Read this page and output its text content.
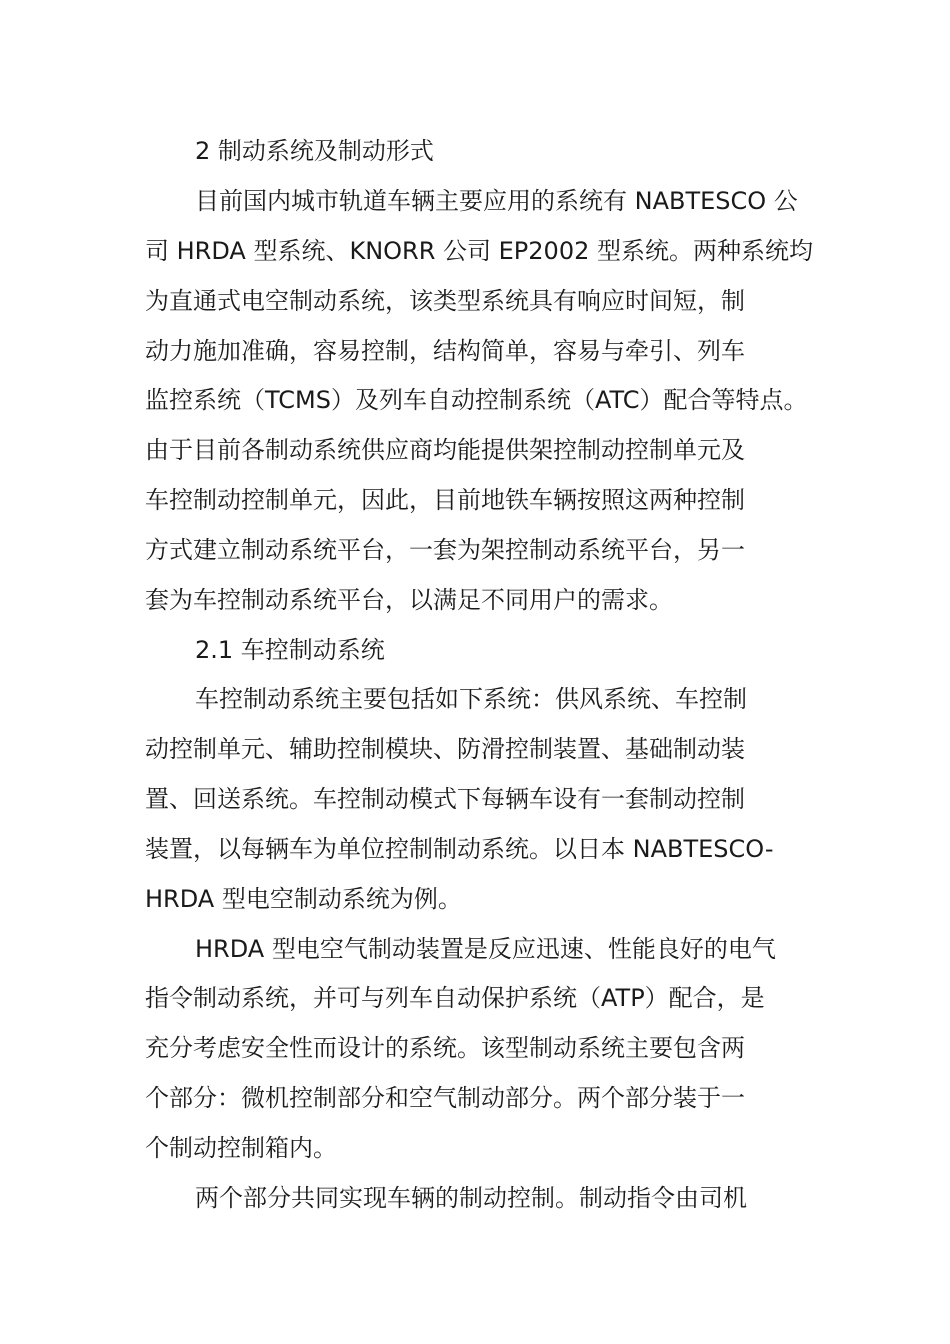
2 制动系统及制动形式

目前国内城市轨道车辆主要应用的系统有 NABTESCO 公

司 HRDA 型系统、KNORR 公司 EP2002 型系统。两种系统均

为直通式电空制动系统，该类型系统具有响应时间短，制

动力施加准确，容易控制，结构简单，容易与牵引、列车

监控系统（TCMS）及列车自动控制系统（ATC）配合等特点。

由于目前各制动系统供应商均能提供架控制动控制单元及

车控制动控制单元，因此，目前地铁车辆按照这两种控制

方式建立制动系统平台，一套为架控制动系统平台，另一

套为车控制动系统平台，以满足不同用户的需求。

2.1 车控制动系统

车控制动系统主要包括如下系统：供风系统、车控制

动控制单元、辅助控制模块、防滑控制装置、基础制动装

置、回送系统。车控制动模式下每辆车设有一套制动控制

装置，以每辆车为单位控制制动系统。以日本 NABTESCO-

HRDA 型电空制动系统为例。

HRDA 型电空气制动装置是反应迅速、性能良好的电气

指令制动系统，并可与列车自动保护系统（ATP）配合，是

充分考虑安全性而设计的系统。该型制动系统主要包含两

个部分：微机控制部分和空气制动部分。两个部分装于一

个制动控制箱内。

两个部分共同实现车辆的制动控制。制动指令由司机
